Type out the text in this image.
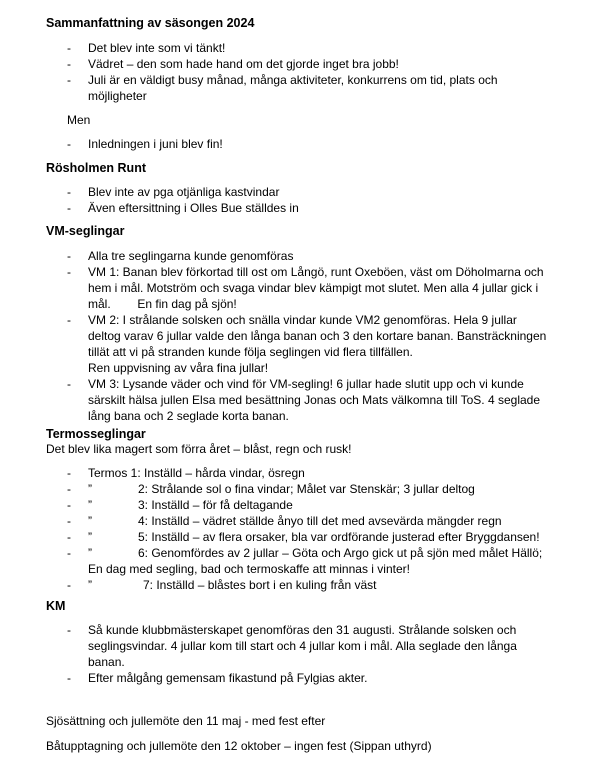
Sammanfattning av säsongen 2024
-
Det blev inte som vi tänkt!
-
Vädret – den som hade hand om det gjorde inget bra jobb!
-
Juli är en väldigt busy månad, många aktiviteter, konkurrens om tid, plats och
möjligheter
Men
-
Inledningen i juni blev fin!
Rösholmen Runt
-
Blev inte av pga otjänliga kastvindar
-
Även eftersittning i Olles Bue ställdes in
VM-seglingar
-
Alla tre seglingarna kunde genomföras
-
VM 1: Banan blev förkortad till ost om Långö, runt Oxeböen, väst om Döholmarna och
hem i mål. Motström och svaga vindar blev kämpigt mot slutet. Men alla 4 jullar gick i
mål.        En fin dag på sjön!
-
VM 2: I strålande solsken och snälla vindar kunde VM2 genomföras. Hela 9 jullar
deltog varav 6 jullar valde den långa banan och 3 den kortare banan. Bansträckningen
tillät att vi på stranden kunde följa seglingen vid flera tillfällen.
Ren uppvisning av våra fina jullar!
-
VM 3: Lysande väder och vind för VM-segling! 6 jullar hade slutit upp och vi kunde
särskilt hälsa jullen Elsa med besättning Jonas och Mats välkomna till ToS. 4 seglade
lång bana och 2 seglade korta banan.
Termosseglingar
Det blev lika magert som förra året – blåst, regn och rusk!
-
Termos 1: Inställd – hårda vindar, ösregn
-
”
2: Strålande sol o fina vindar; Målet var Stenskär; 3 jullar deltog
-
”
3: Inställd – för få deltagande
-
”
4: Inställd – vädret ställde ånyo till det med avsevärda mängder regn
-
”
5: Inställd – av flera orsaker, bla var ordförande justerad efter Bryggdansen!
-
”
6: Genomfördes av 2 jullar – Göta och Argo gick ut på sjön med målet Hällö;
En dag med segling, bad och termoskaffe att minnas i vinter!
-
”
7: Inställd – blåstes bort i en kuling från väst
KM
-
Så kunde klubbmästerskapet genomföras den 31 augusti. Strålande solsken och
seglingsvindar. 4 jullar kom till start och 4 jullar kom i mål. Alla seglade den långa
banan.
-
Efter målgång gemensam fikastund på Fylgias akter.
Sjösättning och jullemöte den 11 maj - med fest efter
Båtupptagning och jullemöte den 12 oktober – ingen fest (Sippan uthyrd)
